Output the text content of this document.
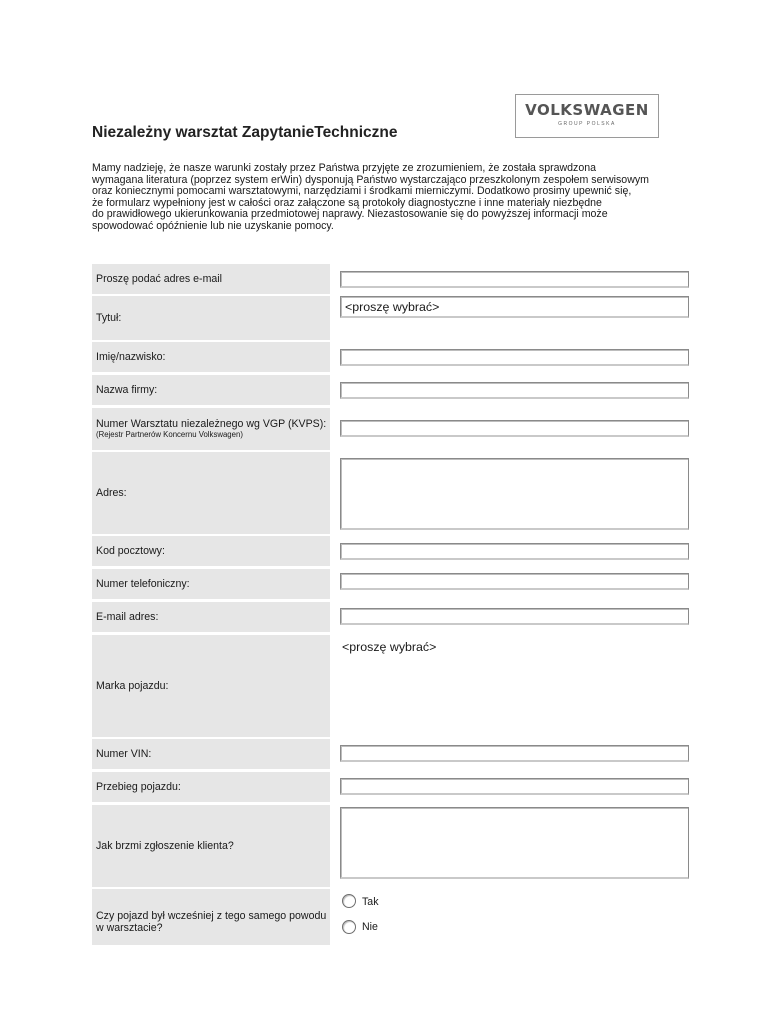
VOLKSWAGEN
GROUP POLSKA
Niezależny warsztat ZapytanieTechniczne

Mamy nadzieję, że nasze warunki zostały przez Państwa przyjęte ze zrozumieniem, że została sprawdzona

wymagana literatura (poprzez system erWin) dysponują Państwo wystarczająco przeszkolonym zespołem serwisowym

oraz koniecznymi pomocami warsztatowymi, narzędziami i środkami mierniczymi. Dodatkowo prosimy upewnić się,

że formularz wypełniony jest w całości oraz załączone są protokoły diagnostyczne i inne materiały niezbędne

do prawidłowego ukierunkowania przedmiotowej naprawy. Niezastosowanie się do powyższej informacji może

spowodować opóźnienie lub nie uzyskanie pomocy.

Proszę podać adres e-mail
Tytuł:
<proszę wybrać>
Imię/nazwisko:
Nazwa firmy:
Numer Warsztatu niezależnego wg VGP (KVPS):
(Rejestr Partnerów Koncernu Volkswagen)
Adres:
Kod pocztowy:
Numer telefoniczny:
E-mail adres:
Marka pojazdu:
<proszę wybrać>
Numer VIN:
Przebieg pojazdu:
Jak brzmi zgłoszenie klienta?
Czy pojazd był wcześniej z tego samego powodu w warsztacie?
Tak
Nie
